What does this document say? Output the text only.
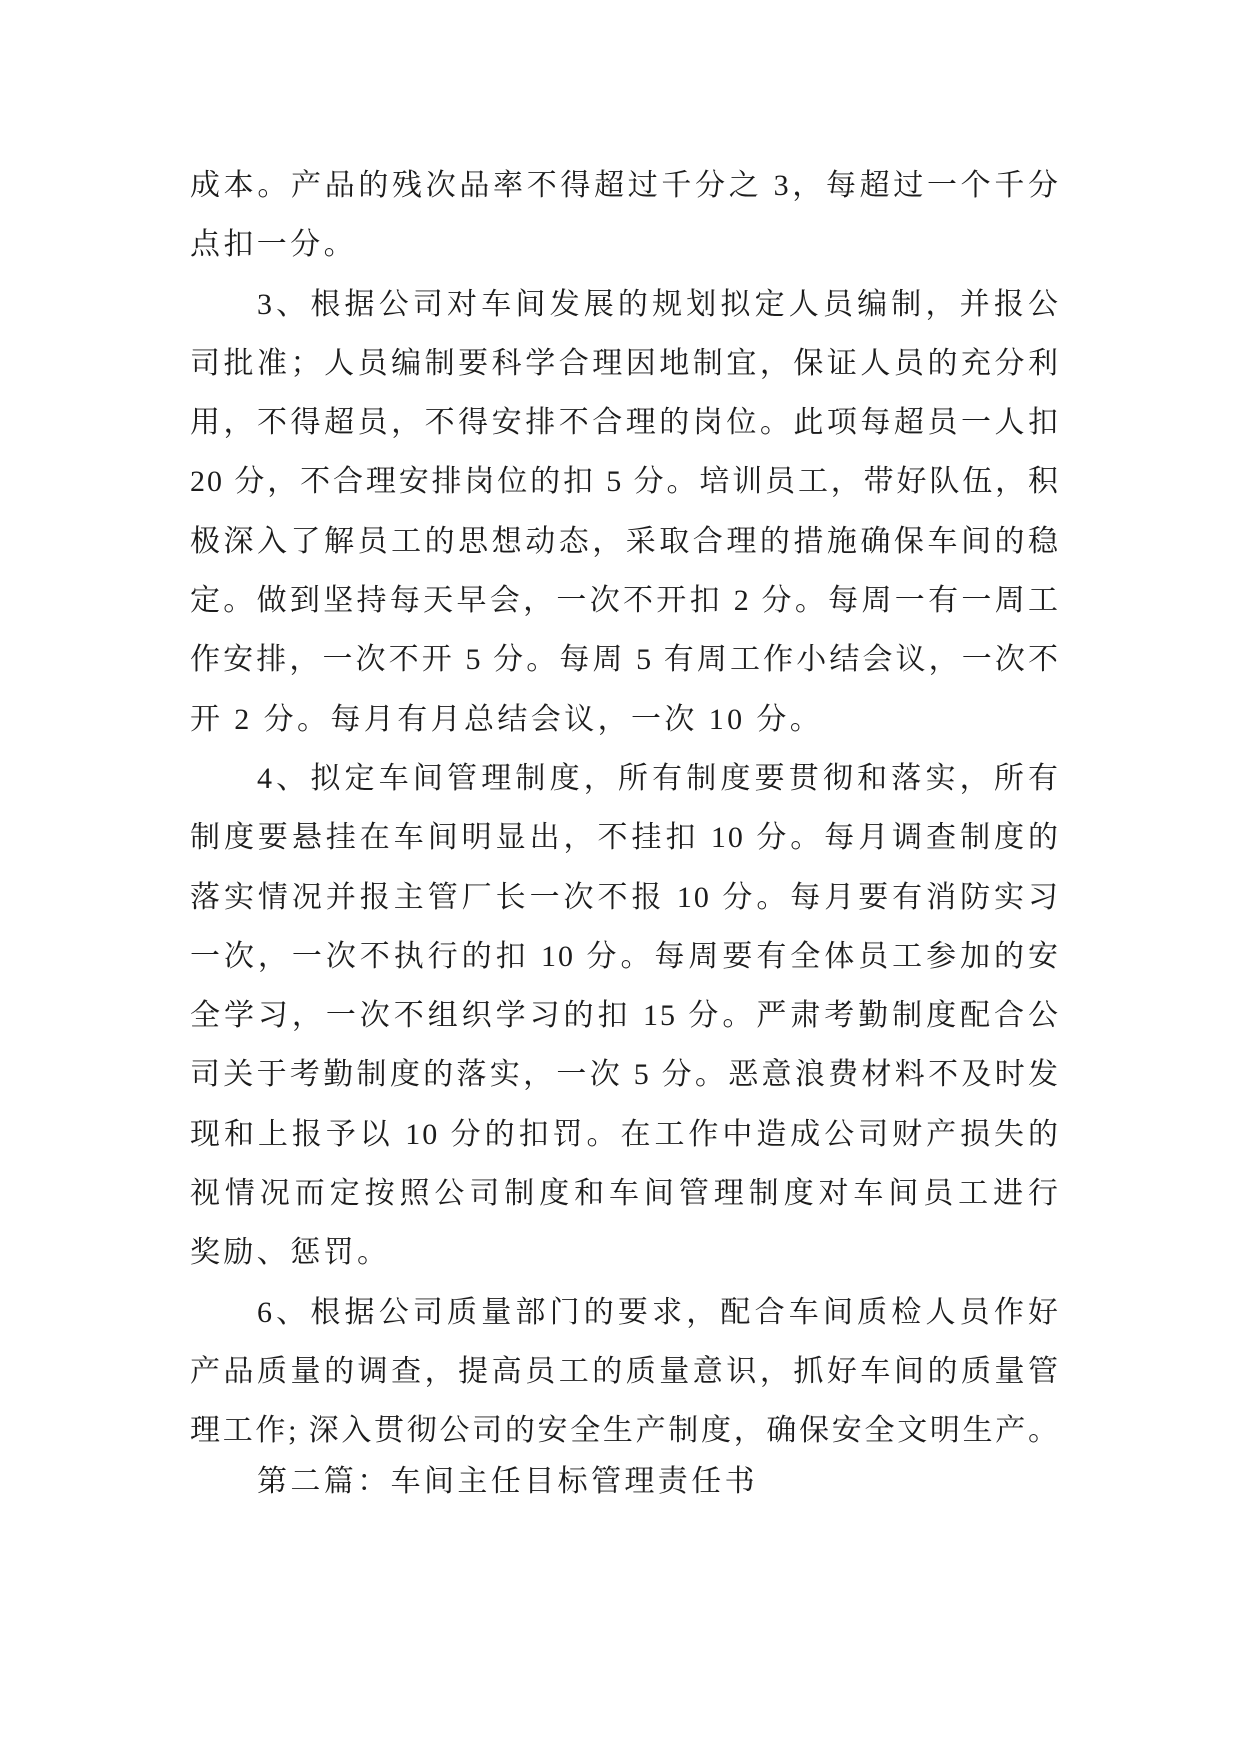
成本。产品的残次品率不得超过千分之 3，每超过一个千分
点扣一分。
3、根据公司对车间发展的规划拟定人员编制，并报公
司批准；人员编制要科学合理因地制宜，保证人员的充分利
用，不得超员，不得安排不合理的岗位。此项每超员一人扣
20 分，不合理安排岗位的扣 5 分。培训员工，带好队伍，积
极深入了解员工的思想动态，采取合理的措施确保车间的稳
定。做到坚持每天早会，一次不开扣 2 分。每周一有一周工
作安排，一次不开 5 分。每周 5 有周工作小结会议，一次不
开 2 分。每月有月总结会议，一次 10 分。
4、拟定车间管理制度，所有制度要贯彻和落实，所有
制度要悬挂在车间明显出，不挂扣 10 分。每月调查制度的
落实情况并报主管厂长一次不报 10 分。每月要有消防实习
一次，一次不执行的扣 10 分。每周要有全体员工参加的安
全学习，一次不组织学习的扣 15 分。严肃考勤制度配合公
司关于考勤制度的落实，一次 5 分。恶意浪费材料不及时发
现和上报予以 10 分的扣罚。在工作中造成公司财产损失的
视情况而定按照公司制度和车间管理制度对车间员工进行
奖励、惩罚。
6、根据公司质量部门的要求，配合车间质检人员作好
产品质量的调查，提高员工的质量意识，抓好车间的质量管
理工作; 深入贯彻公司的安全生产制度，确保安全文明生产。
第二篇：车间主任目标管理责任书
